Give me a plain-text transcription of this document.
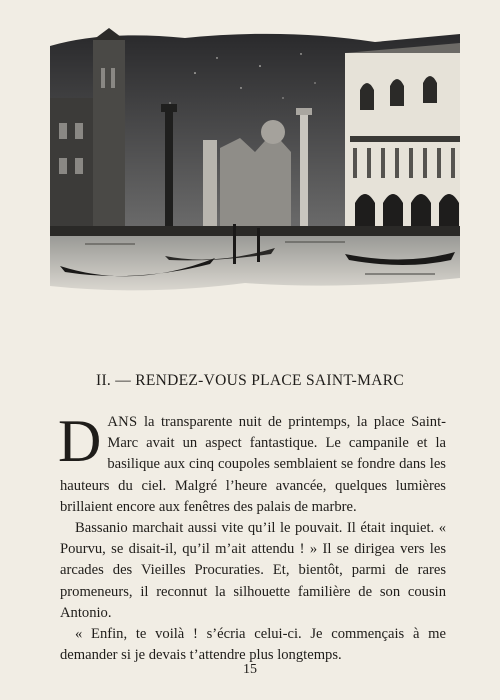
II. — RENDEZ-VOUS PLACE SAINT-MARC

DANS la transparente nuit de printemps, la place Saint-Marc avait un aspect fantastique. Le campanile et la basilique aux cinq coupoles semblaient se fondre dans les hauteurs du ciel. Malgré l’heure avancée, quelques lumières brillaient encore aux fenêtres des palais de marbre.

Bassanio marchait aussi vite qu’il le pouvait. Il était inquiet. « Pourvu, se disait-il, qu’il m’ait attendu ! » Il se dirigea vers les arcades des Vieilles Procuraties. Et, bientôt, parmi de rares promeneurs, il reconnut la silhouette familière de son cousin Antonio.

« Enfin, te voilà ! s’écria celui-ci. Je commençais à me demander si je devais t’attendre plus longtemps.

15
